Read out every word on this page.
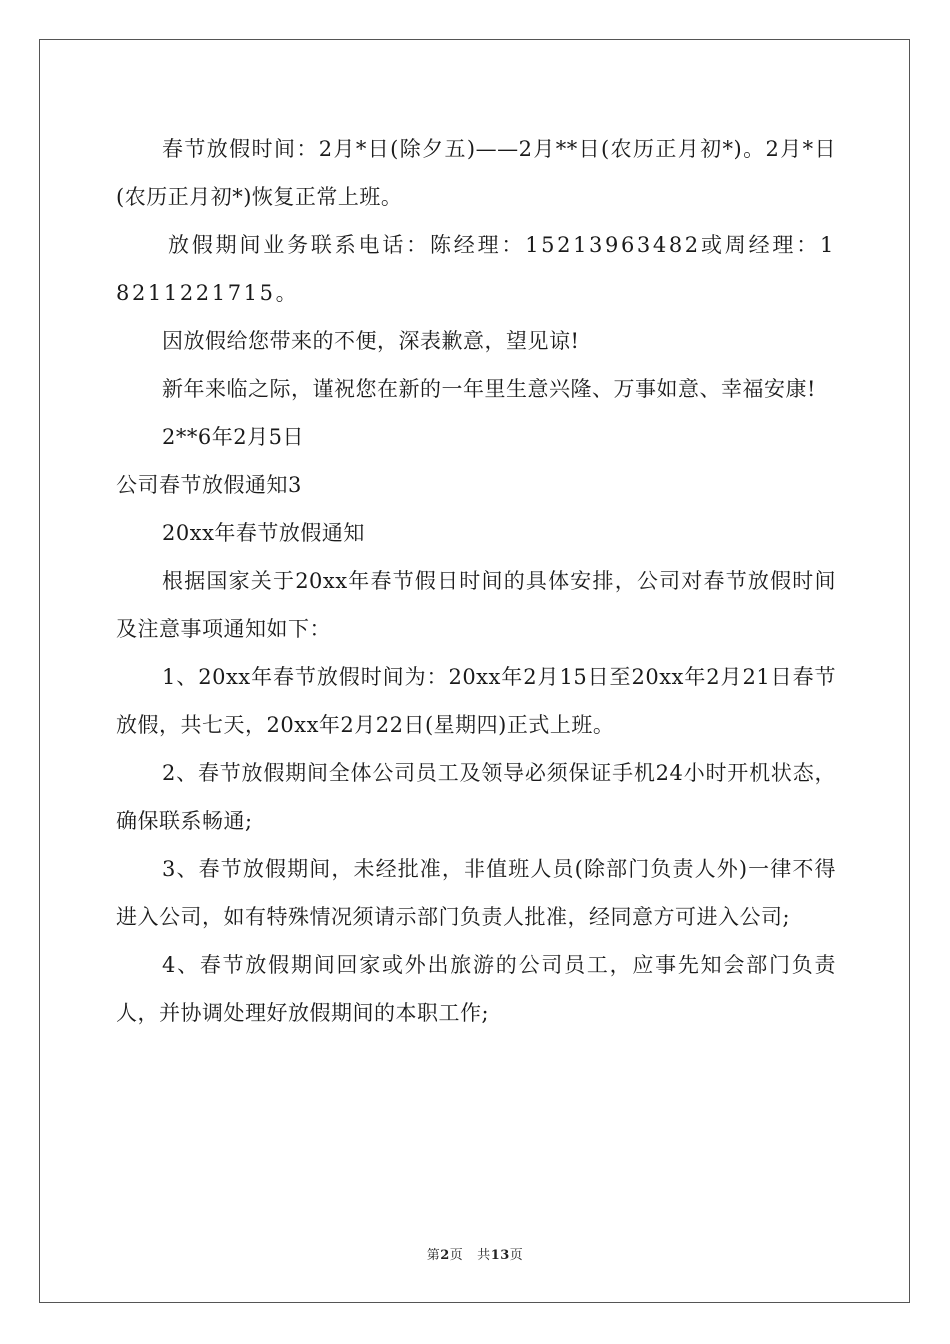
春节放假时间：2月*日(除夕五)——2月**日(农历正月初*)。2月*日(农历正月初*)恢复正常上班。

放假期间业务联系电话：陈经理：15213963482或周经理：18211221715。

因放假给您带来的不便，深表歉意，望见谅!

新年来临之际，谨祝您在新的一年里生意兴隆、万事如意、幸福安康!

2**6年2月5日

公司春节放假通知3

20xx年春节放假通知

根据国家关于20xx年春节假日时间的具体安排，公司对春节放假时间及注意事项通知如下：

1、20xx年春节放假时间为：20xx年2月15日至20xx年2月21日春节放假，共七天，20xx年2月22日(星期四)正式上班。

2、春节放假期间全体公司员工及领导必须保证手机24小时开机状态，确保联系畅通;

3、春节放假期间，未经批准，非值班人员(除部门负责人外)一律不得进入公司，如有特殊情况须请示部门负责人批准，经同意方可进入公司;

4、春节放假期间回家或外出旅游的公司员工，应事先知会部门负责人，并协调处理好放假期间的本职工作;

第2页 共13页
